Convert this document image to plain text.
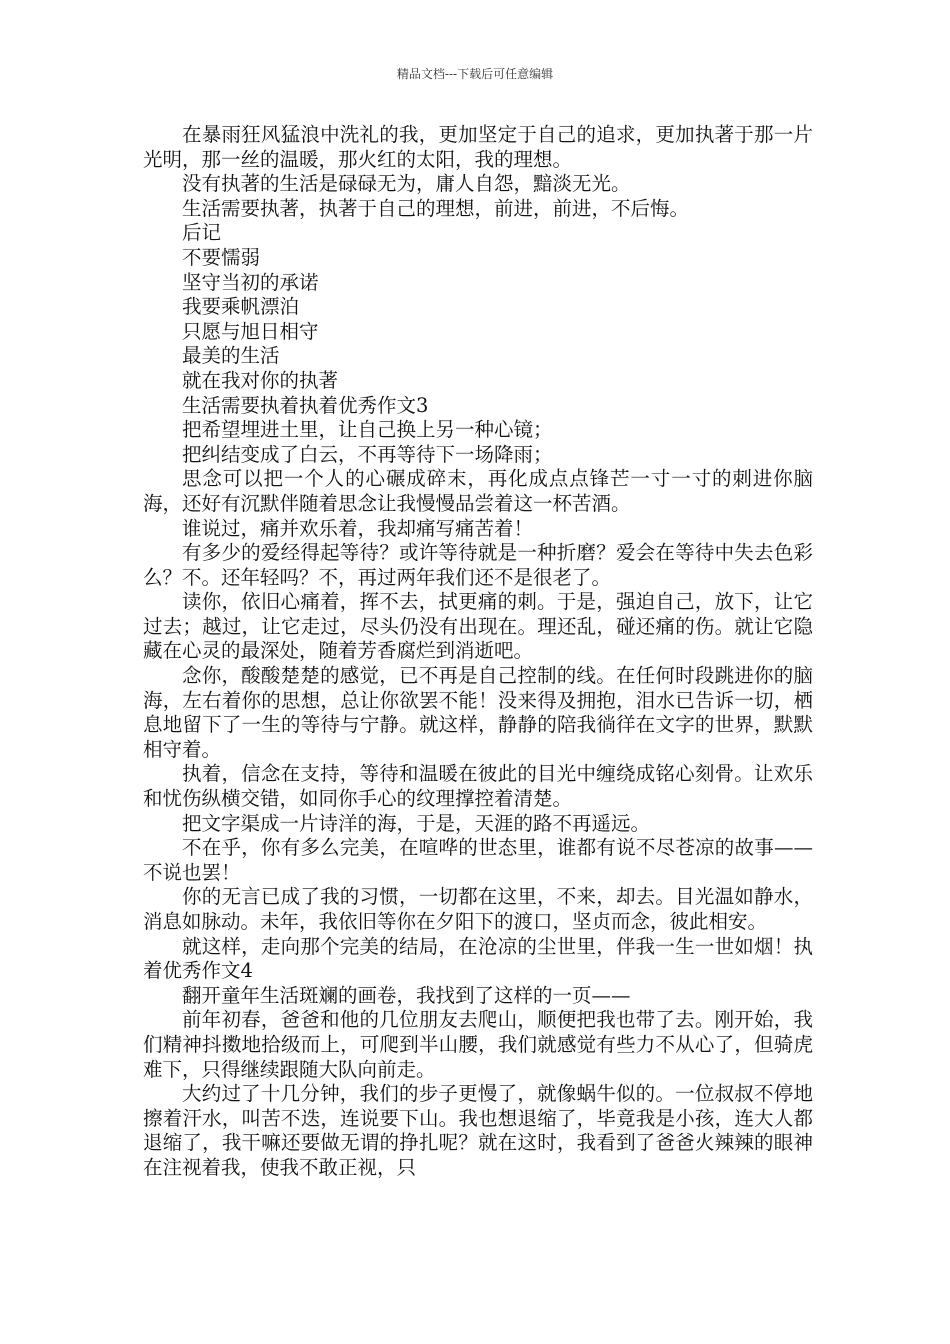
精品文档---下载后可任意编辑

在暴雨狂风猛浪中洗礼的我，更加坚定于自己的追求，更加执著于那一片光明，那一丝的温暖，那火红的太阳，我的理想。

没有执著的生活是碌碌无为，庸人自怨，黯淡无光。

生活需要执著，执著于自己的理想，前进，前进，不后悔。

后记

不要懦弱

坚守当初的承诺

我要乘帆漂泊

只愿与旭日相守

最美的生活

就在我对你的执著

生活需要执着执着优秀作文3

把希望埋进土里，让自己换上另一种心镜；

把纠结变成了白云，不再等待下一场降雨；

思念可以把一个人的心碾成碎末，再化成点点锋芒一寸一寸的刺进你脑海，还好有沉默伴随着思念让我慢慢品尝着这一杯苦酒。

谁说过，痛并欢乐着，我却痛写痛苦着！

有多少的爱经得起等待？或许等待就是一种折磨？爱会在等待中失去色彩么？不。还年轻吗？不，再过两年我们还不是很老了。

读你，依旧心痛着，挥不去，拭更痛的刺。于是，强迫自己，放下，让它过去；越过，让它走过，尽头仍没有出现在。理还乱，碰还痛的伤。就让它隐藏在心灵的最深处，随着芳香腐烂到消逝吧。

念你，酸酸楚楚的感觉，已不再是自己控制的线。在任何时段跳进你的脑海，左右着你的思想，总让你欲罢不能！没来得及拥抱，泪水已告诉一切，栖息地留下了一生的等待与宁静。就这样，静静的陪我徜徉在文字的世界，默默相守着。

执着，信念在支持，等待和温暖在彼此的目光中缠绕成铭心刻骨。让欢乐和忧伤纵横交错，如同你手心的纹理撑控着清楚。

把文字渠成一片诗洋的海，于是，天涯的路不再遥远。

不在乎，你有多么完美，在喧哗的世态里，谁都有说不尽苍凉的故事——不说也罢！

你的无言已成了我的习惯，一切都在这里，不来，却去。目光温如静水，消息如脉动。未年，我依旧等你在夕阳下的渡口，坚贞而念，彼此相安。

就这样，走向那个完美的结局，在沧凉的尘世里，伴我一生一世如烟！执着优秀作文4

翻开童年生活斑斓的画卷，我找到了这样的一页——

前年初春，爸爸和他的几位朋友去爬山，顺便把我也带了去。刚开始，我们精神抖擞地拾级而上，可爬到半山腰，我们就感觉有些力不从心了，但骑虎难下，只得继续跟随大队向前走。

大约过了十几分钟，我们的步子更慢了，就像蜗牛似的。一位叔叔不停地擦着汗水，叫苦不迭，连说要下山。我也想退缩了，毕竟我是小孩，连大人都退缩了，我干嘛还要做无谓的挣扎呢？就在这时，我看到了爸爸火辣辣的眼神在注视着我，使我不敢正视，只
